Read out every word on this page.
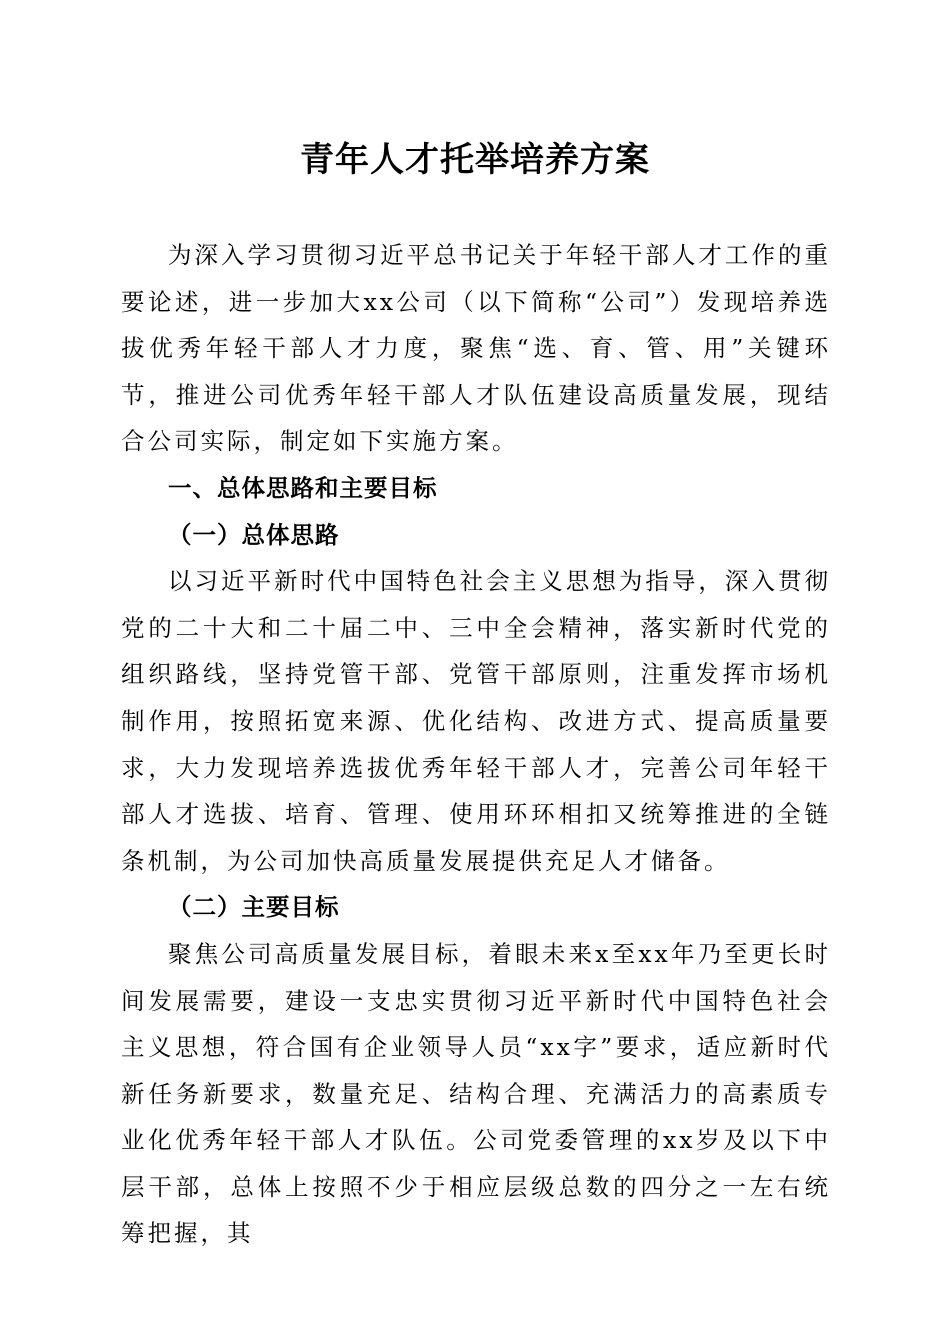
青年人才托举培养方案

为深入学习贯彻习近平总书记关于年轻干部人才工作的重要论述，进一步加大xx公司（以下简称“公司”）发现培养选拔优秀年轻干部人才力度，聚焦“选、育、管、用”关键环节，推进公司优秀年轻干部人才队伍建设高质量发展，现结合公司实际，制定如下实施方案。

一、总体思路和主要目标

（一）总体思路

以习近平新时代中国特色社会主义思想为指导，深入贯彻党的二十大和二十届二中、三中全会精神，落实新时代党的组织路线，坚持党管干部、党管干部原则，注重发挥市场机制作用，按照拓宽来源、优化结构、改进方式、提高质量要求，大力发现培养选拔优秀年轻干部人才，完善公司年轻干部人才选拔、培育、管理、使用环环相扣又统筹推进的全链条机制，为公司加快高质量发展提供充足人才储备。

（二）主要目标

聚焦公司高质量发展目标，着眼未来x至xx年乃至更长时间发展需要，建设一支忠实贯彻习近平新时代中国特色社会主义思想，符合国有企业领导人员“xx字”要求，适应新时代新任务新要求，数量充足、结构合理、充满活力的高素质专业化优秀年轻干部人才队伍。公司党委管理的xx岁及以下中层干部，总体上按照不少于相应层级总数的四分之一左右统筹把握，其
